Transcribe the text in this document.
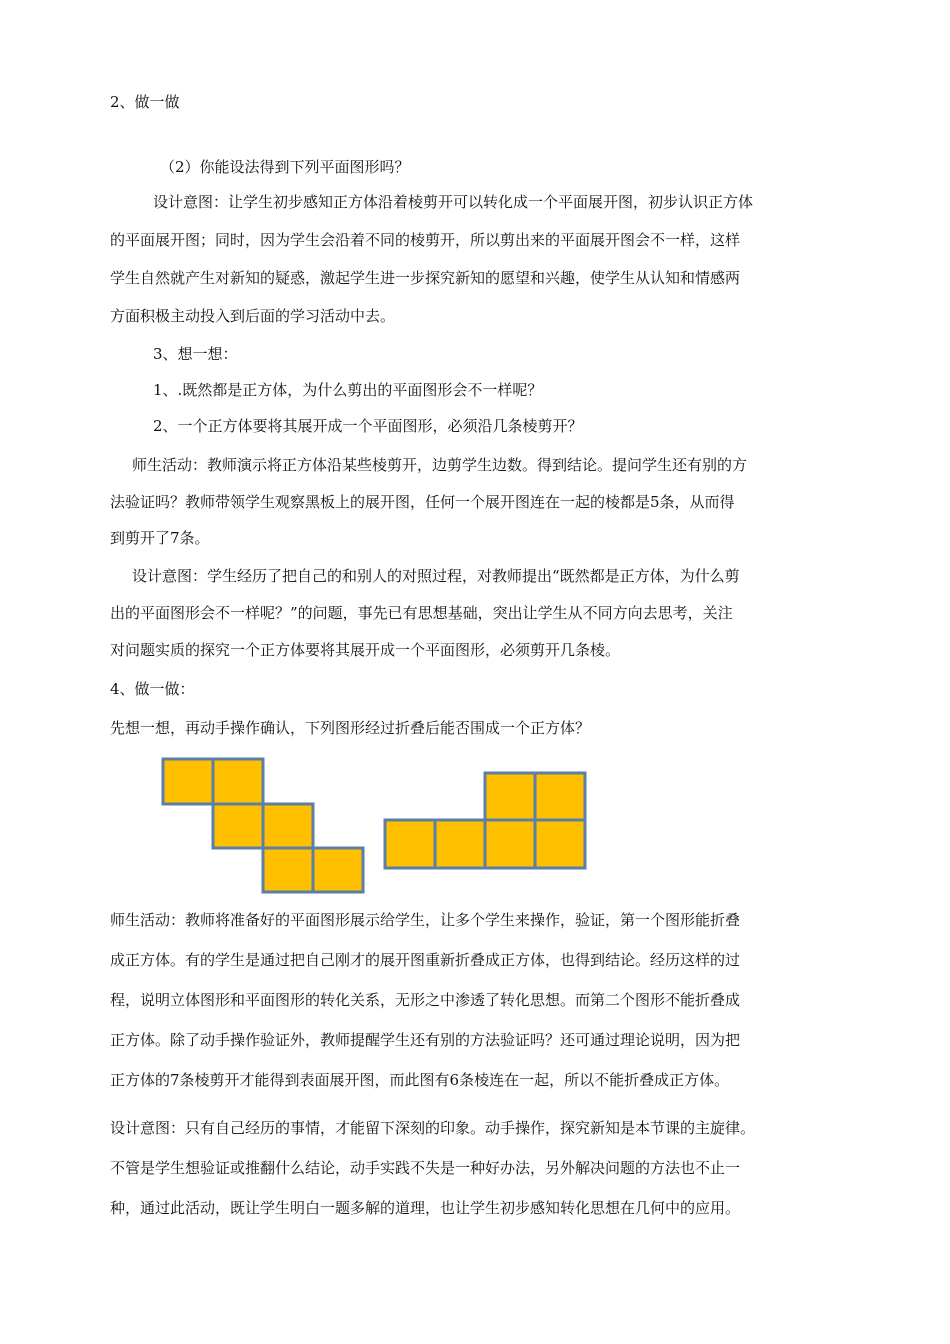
2、做一做
（2）你能设法得到下列平面图形吗？
设计意图：让学生初步感知正方体沿着棱剪开可以转化成一个平面展开图，初步认识正方体
的平面展开图；同时，因为学生会沿着不同的棱剪开，所以剪出来的平面展开图会不一样，这样
学生自然就产生对新知的疑惑，激起学生进一步探究新知的愿望和兴趣，使学生从认知和情感两
方面积极主动投入到后面的学习活动中去。
3、想一想：
1、.既然都是正方体，为什么剪出的平面图形会不一样呢？
2、一个正方体要将其展开成一个平面图形，必须沿几条棱剪开？
师生活动：教师演示将正方体沿某些棱剪开，边剪学生边数。得到结论。提问学生还有别的方
法验证吗？教师带领学生观察黑板上的展开图，任何一个展开图连在一起的棱都是5条，从而得
到剪开了7条。
设计意图：学生经历了把自己的和别人的对照过程，对教师提出“既然都是正方体，为什么剪
出的平面图形会不一样呢？”的问题，事先已有思想基础，突出让学生从不同方向去思考，关注
对问题实质的探究一个正方体要将其展开成一个平面图形，必须剪开几条棱。
4、做一做：
先想一想，再动手操作确认，下列图形经过折叠后能否围成一个正方体？
师生活动：教师将准备好的平面图形展示给学生，让多个学生来操作，验证，第一个图形能折叠
成正方体。有的学生是通过把自己刚才的展开图重新折叠成正方体，也得到结论。经历这样的过
程，说明立体图形和平面图形的转化关系，无形之中渗透了转化思想。而第二个图形不能折叠成
正方体。除了动手操作验证外，教师提醒学生还有别的方法验证吗？还可通过理论说明，因为把
正方体的7条棱剪开才能得到表面展开图，而此图有6条棱连在一起，所以不能折叠成正方体。
设计意图：只有自己经历的事情，才能留下深刻的印象。动手操作，探究新知是本节课的主旋律。
不管是学生想验证或推翻什么结论，动手实践不失是一种好办法，另外解决问题的方法也不止一
种，通过此活动，既让学生明白一题多解的道理，也让学生初步感知转化思想在几何中的应用。
